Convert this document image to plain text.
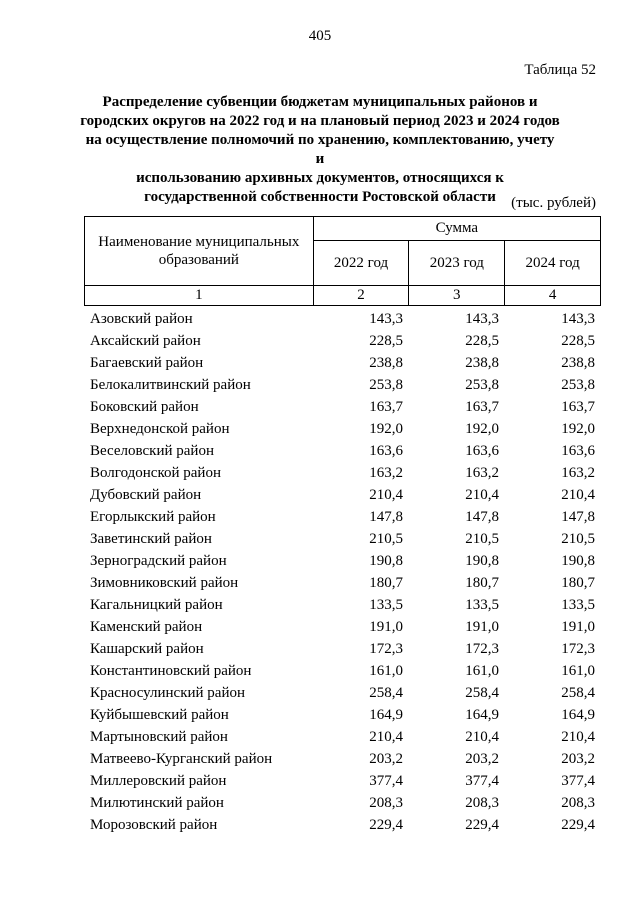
405
Таблица 52
Распределение субвенции бюджетам муниципальных районов и
городских округов на 2022 год и на плановый период 2023 и 2024 годов
на осуществление полномочий по хранению, комплектованию, учету и
использованию архивных документов, относящихся к
государственной собственности Ростовской области	(тыс. рублей)
Наименование муниципальных образований	Сумма		
	2022 год	2023 год	2024 год
1	2	3	4
Азовский район	143,3	143,3	143,3
Аксайский район	228,5	228,5	228,5
Багаевский район	238,8	238,8	238,8
Белокалитвинский район	253,8	253,8	253,8
Боковский район	163,7	163,7	163,7
Верхнедонской район	192,0	192,0	192,0
Веселовский район	163,6	163,6	163,6
Волгодонской район	163,2	163,2	163,2
Дубовский район	210,4	210,4	210,4
Егорлыкский район	147,8	147,8	147,8
Заветинский район	210,5	210,5	210,5
Зерноградский район	190,8	190,8	190,8
Зимовниковский район	180,7	180,7	180,7
Кагальницкий район	133,5	133,5	133,5
Каменский район	191,0	191,0	191,0
Кашарский район	172,3	172,3	172,3
Константиновский район	161,0	161,0	161,0
Красносулинский район	258,4	258,4	258,4
Куйбышевский район	164,9	164,9	164,9
Мартыновский район	210,4	210,4	210,4
Матвеево-Курганский район	203,2	203,2	203,2
Миллеровский район	377,4	377,4	377,4
Милютинский район	208,3	208,3	208,3
Морозовский район	229,4	229,4	229,4
